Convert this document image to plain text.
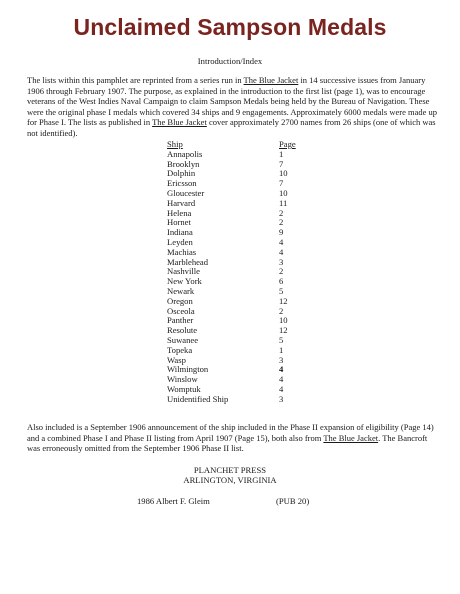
Unclaimed Sampson Medals
Introduction/Index

The lists within this pamphlet are reprinted from a series run in The Blue Jacket in 14 successive issues from January 1906 through February 1907. The purpose, as explained in the introduction to the first list (page 1), was to encourage veterans of the West Indies Naval Campaign to claim Sampson Medals being held by the Bureau of Navigation. These were the original phase I medals which covered 34 ships and 9 engagements. Approximately 6000 medals were made up for Phase I. The lists as published in The Blue Jacket cover approximately 2700 names from 26 ships (one of which was not identified).

Ship	Page
Annapolis	1
Brooklyn	7
Dolphin	10
Ericsson	7
Gloucester	10
Harvard	11
Helena	2
Hornet	2
Indiana	9
Leyden	4
Machias	4
Marblehead	3
Nashville	2
New York	6
Newark	5
Oregon	12
Osceola	2
Panther	10
Resolute	12
Suwanee	5
Topeka	1
Wasp	3
Wilmington	4
Winslow	4
Womptuk	4
Unidentified Ship	3

Also included is a September 1906 announcement of the ship included in the Phase II expansion of eligibility (Page 14) and a combined Phase I and Phase II listing from April 1907 (Page 15), both also from The Blue Jacket. The Bancroft was erroneously omitted from the September 1906 Phase II list.

PLANCHET PRESS
ARLINGTON, VIRGINIA
1986 Albert F. Gleim	(PUB 20)
